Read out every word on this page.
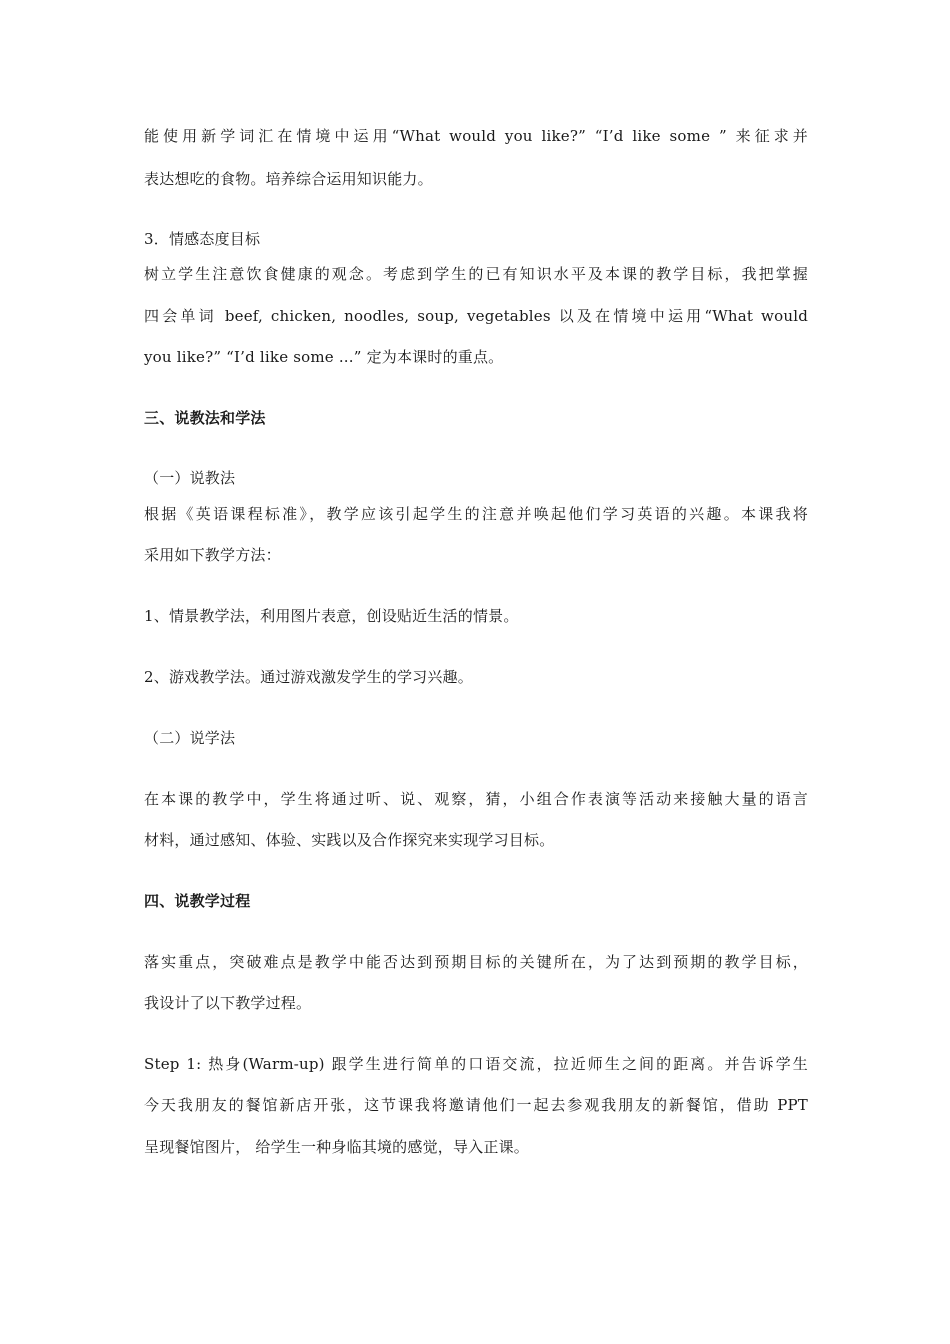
能使用新学词汇在情境中运用“What would you like?” “I’d like some ” 来征求并
表达想吃的食物。培养综合运用知识能力。
3．情感态度目标
树立学生注意饮食健康的观念。考虑到学生的已有知识水平及本课的教学目标，我把掌握
四会单词 beef, chicken, noodles, soup, vegetables 以及在情境中运用“What would
you like?” “I’d like some ...” 定为本课时的重点。
三、说教法和学法
（一）说教法
根据《英语课程标准》，教学应该引起学生的注意并唤起他们学习英语的兴趣。本课我将
采用如下教学方法：
1、情景教学法，利用图片表意，创设贴近生活的情景。
2、游戏教学法。通过游戏激发学生的学习兴趣。
（二）说学法
在本课的教学中，学生将通过听、说、观察，猜，小组合作表演等活动来接触大量的语言
材料，通过感知、体验、实践以及合作探究来实现学习目标。
四、说教学过程
落实重点，突破难点是教学中能否达到预期目标的关键所在，为了达到预期的教学目标，
我设计了以下教学过程。
Step 1: 热身(Warm-up) 跟学生进行简单的口语交流，拉近师生之间的距离。并告诉学生
今天我朋友的餐馆新店开张，这节课我将邀请他们一起去参观我朋友的新餐馆，借助 PPT
呈现餐馆图片， 给学生一种身临其境的感觉，导入正课。
